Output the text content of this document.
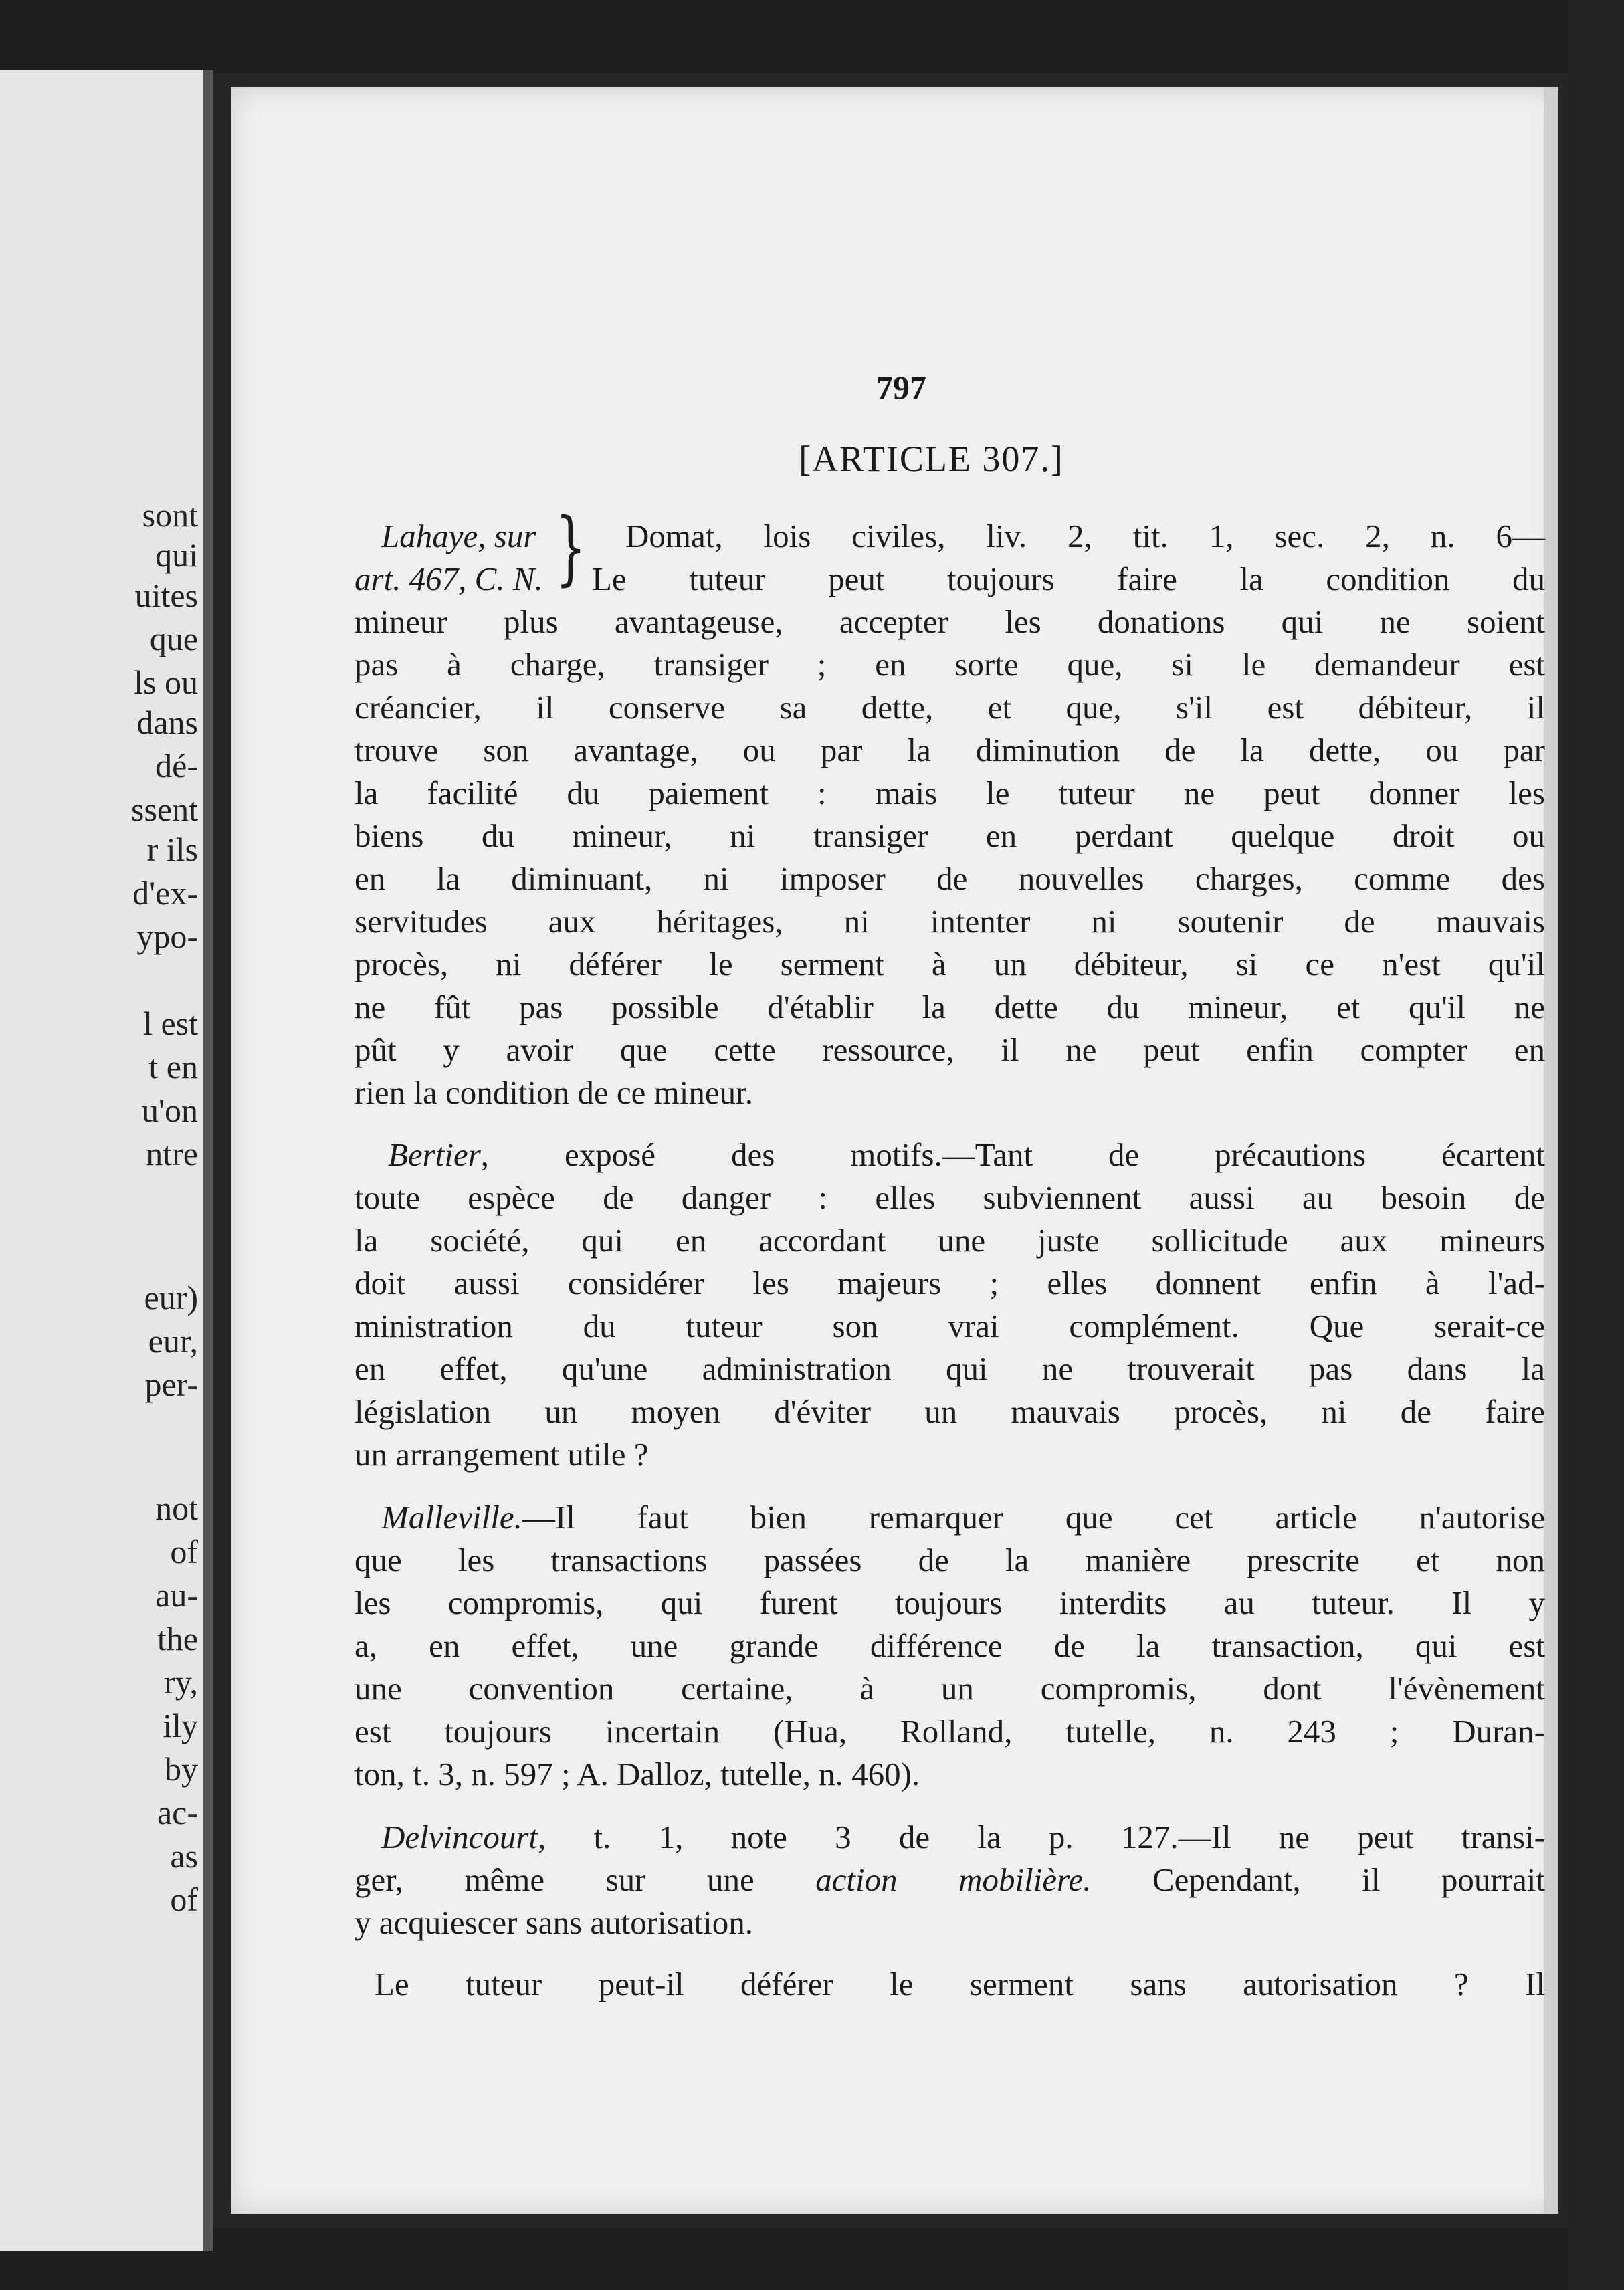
sont
qui
uites
que
ls ou
dans
dé-
ssent
r ils
d'ex-
ypo-
l est
t en
u'on
ntre
eur)
eur,
per-
not
of
au-
the
ry,
ily
by
ac-
as
of
797
[ARTICLE 307.]
Lahaye, sur
art. 467, C. N. } Domat, lois civiles, liv. 2, tit. 1, sec. 2, n. 6—
Le tuteur peut toujours faire la condition du
mineur plus avantageuse, accepter les donations qui ne soient
pas à charge, transiger ; en sorte que, si le demandeur est
créancier, il conserve sa dette, et que, s'il est débiteur, il
trouve son avantage, ou par la diminution de la dette, ou par
la facilité du paiement : mais le tuteur ne peut donner les
biens du mineur, ni transiger en perdant quelque droit ou
en la diminuant, ni imposer de nouvelles charges, comme des
servitudes aux héritages, ni intenter ni soutenir de mauvais
procès, ni déférer le serment à un débiteur, si ce n'est qu'il
ne fût pas possible d'établir la dette du mineur, et qu'il ne
pût y avoir que cette ressource, il ne peut enfin compter en
rien la condition de ce mineur.
Bertier, exposé des motifs.—Tant de précautions écartent
toute espèce de danger : elles subviennent aussi au besoin de
la société, qui en accordant une juste sollicitude aux mineurs
doit aussi considérer les majeurs ; elles donnent enfin à l'ad-
ministration du tuteur son vrai complément. Que serait-ce
en effet, qu'une administration qui ne trouverait pas dans la
législation un moyen d'éviter un mauvais procès, ni de faire
un arrangement utile ?
Malleville.—Il faut bien remarquer que cet article n'autorise
que les transactions passées de la manière prescrite et non
les compromis, qui furent toujours interdits au tuteur. Il y
a, en effet, une grande différence de la transaction, qui est
une convention certaine, à un compromis, dont l'évènement
est toujours incertain (Hua, Rolland, tutelle, n. 243 ; Duran-
ton, t. 3, n. 597 ; A. Dalloz, tutelle, n. 460).
Delvincourt, t. 1, note 3 de la p. 127.—Il ne peut transi-
ger, même sur une action mobilière. Cependant, il pourrait
y acquiescer sans autorisation.
Le tuteur peut-il déférer le serment sans autorisation ? Il
